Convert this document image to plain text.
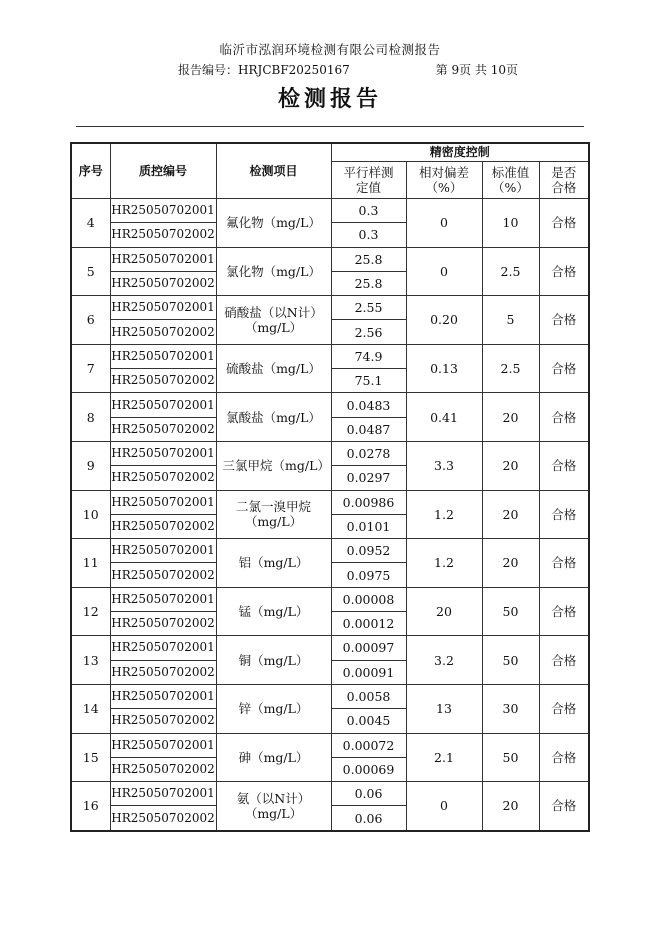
临沂市泓润环境检测有限公司检测报告
报告编号：HRJCBF20250167	第 9页 共 10页
检测报告
序号	质控编号	检测项目	精密度控制			
			平行样测定值	相对偏差（%）	标准值（%）	是否合格
4	HR25050702001	氟化物（mg/L）	0.3	0	10	合格
	HR25050702002		0.3			
5	HR25050702001	氯化物（mg/L）	25.8	0	2.5	合格
	HR25050702002		25.8			
6	HR25050702001	硝酸盐（以N计）（mg/L）	2.55	0.20	5	合格
	HR25050702002		2.56			
7	HR25050702001	硫酸盐（mg/L）	74.9	0.13	2.5	合格
	HR25050702002		75.1			
8	HR25050702001	氯酸盐（mg/L）	0.0483	0.41	20	合格
	HR25050702002		0.0487			
9	HR25050702001	三氯甲烷（mg/L）	0.0278	3.3	20	合格
	HR25050702002		0.0297			
10	HR25050702001	二氯一溴甲烷（mg/L）	0.00986	1.2	20	合格
	HR25050702002		0.0101			
11	HR25050702001	铝（mg/L）	0.0952	1.2	20	合格
	HR25050702002		0.0975			
12	HR25050702001	锰（mg/L）	0.00008	20	50	合格
	HR25050702002		0.00012			
13	HR25050702001	铜（mg/L）	0.00097	3.2	50	合格
	HR25050702002		0.00091			
14	HR25050702001	锌（mg/L）	0.0058	13	30	合格
	HR25050702002		0.0045			
15	HR25050702001	砷（mg/L）	0.00072	2.1	50	合格
	HR25050702002		0.00069			
16	HR25050702001	氨（以N计）（mg/L）	0.06	0	20	合格
	HR25050702002		0.06			
